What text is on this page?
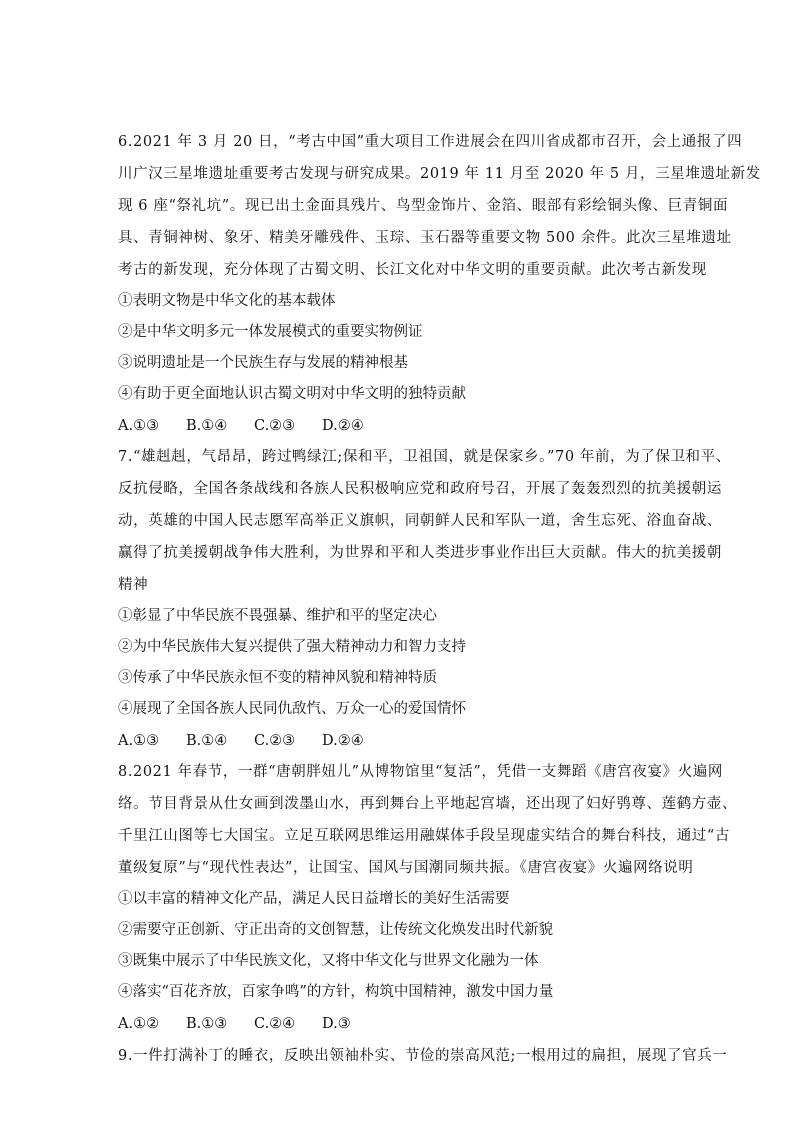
6.2021 年 3 月 20 日，“考古中国”重大项目工作进展会在四川省成都市召开，会上通报了四
川广汉三星堆遗址重要考古发现与研究成果。2019 年 11 月至 2020 年 5 月，三星堆遗址新发
现 6 座“祭礼坑”。现已出土金面具残片、鸟型金饰片、金箔、眼部有彩绘铜头像、巨青铜面
具、青铜神树、象牙、精美牙雕残件、玉琮、玉石器等重要文物 500 余件。此次三星堆遗址
考古的新发现，充分体现了古蜀文明、长江文化对中华文明的重要贡献。此次考古新发现
①表明文物是中华文化的基本载体
②是中华文明多元一体发展模式的重要实物例证
③说明遗址是一个民族生存与发展的精神根基
④有助于更全面地认识古蜀文明对中华文明的独特贡献
A.①③ B.①④ C.②③ D.②④
7.“雄赳赳，气昂昂，跨过鸭绿江;保和平，卫祖国，就是保家乡。”70 年前，为了保卫和平、
反抗侵略，全国各条战线和各族人民积极响应党和政府号召，开展了轰轰烈烈的抗美援朝运
动，英雄的中国人民志愿军高举正义旗帜，同朝鲜人民和军队一道，舍生忘死、浴血奋战、
赢得了抗美援朝战争伟大胜利，为世界和平和人类进步事业作出巨大贡献。伟大的抗美援朝
精神
①彰显了中华民族不畏强暴、维护和平的坚定决心
②为中华民族伟大复兴提供了强大精神动力和智力支持
③传承了中华民族永恒不变的精神风貌和精神特质
④展现了全国各族人民同仇敌忾、万众一心的爱国情怀
A.①③ B.①④ C.②③ D.②④
8.2021 年春节，一群“唐朝胖妞儿”从博物馆里“复活”，凭借一支舞蹈《唐宫夜宴》火遍网
络。节目背景从仕女画到泼墨山水，再到舞台上平地起宫墙，还出现了妇好鸮尊、莲鹤方壶、
千里江山图等七大国宝。立足互联网思维运用融媒体手段呈现虚实结合的舞台科技，通过“古
董级复原”与“现代性表达”，让国宝、国风与国潮同频共振。《唐宫夜宴》火遍网络说明
①以丰富的精神文化产品，满足人民日益增长的美好生活需要
②需要守正创新、守正出奇的文创智慧，让传统文化焕发出时代新貌
③既集中展示了中华民族文化，又将中华文化与世界文化融为一体
④落实“百花齐放，百家争鸣”的方针，构筑中国精神，激发中国力量
A.①② B.①③ C.②④ D.③
9.一件打满补丁的睡衣，反映出领袖朴实、节俭的崇高风范;一根用过的扁担，展现了官兵一
